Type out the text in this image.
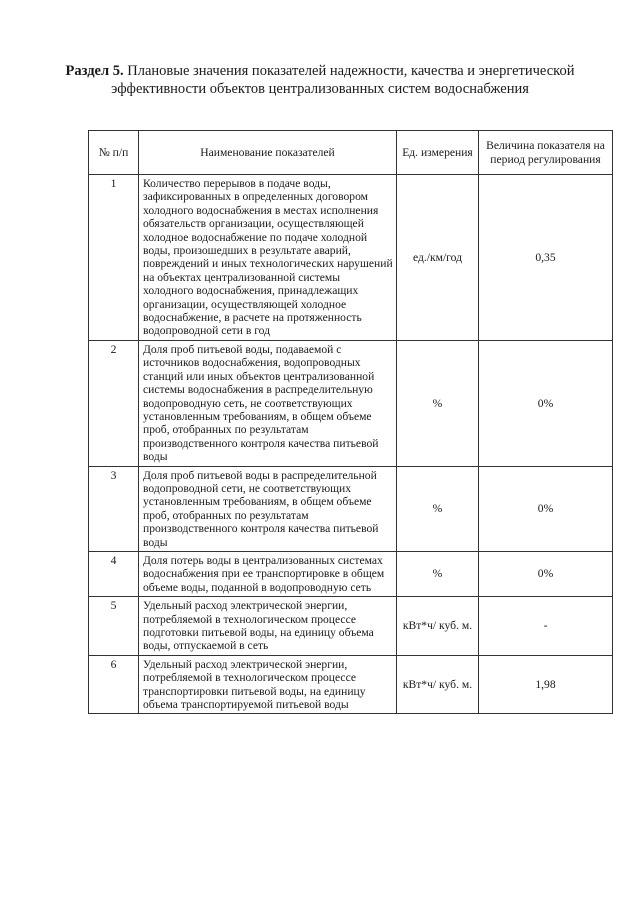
Раздел 5. Плановые значения показателей надежности, качества и энергетической эффективности объектов централизованных систем водоснабжения
№ п/п	Наименование показателей	Ед. измерения	Величина показателя на период регулирования
1	Количество перерывов в подаче воды, зафиксированных в определенных договором холодного водоснабжения в местах исполнения обязательств организации, осуществляющей холодное водоснабжение по подаче холодной воды, произошедших в результате аварий, повреждений и иных технологических нарушений на объектах централизованной системы холодного водоснабжения, принадлежащих организации, осуществляющей холодное водоснабжение, в расчете на протяженность водопроводной сети в год	ед./км/год	0,35
2	Доля проб питьевой воды, подаваемой с источников водоснабжения, водопроводных станций или иных объектов централизованной системы водоснабжения в распределительную водопроводную сеть, не соответствующих установленным требованиям, в общем объеме проб, отобранных по результатам производственного контроля качества питьевой воды	%	0%
3	Доля проб питьевой воды в распределительной водопроводной сети, не соответствующих установленным требованиям, в общем объеме проб, отобранных по результатам производственного контроля качества питьевой воды	%	0%
4	Доля потерь воды в централизованных системах водоснабжения при ее транспортировке в общем объеме воды, поданной в водопроводную сеть	%	0%
5	Удельный расход электрической энергии, потребляемой в технологическом процессе подготовки питьевой воды, на единицу объема воды, отпускаемой в сеть	кВт*ч/ куб. м.	-
6	Удельный расход электрической энергии, потребляемой в технологическом процессе транспортировки питьевой воды, на единицу объема транспортируемой питьевой воды	кВт*ч/ куб. м.	1,98
